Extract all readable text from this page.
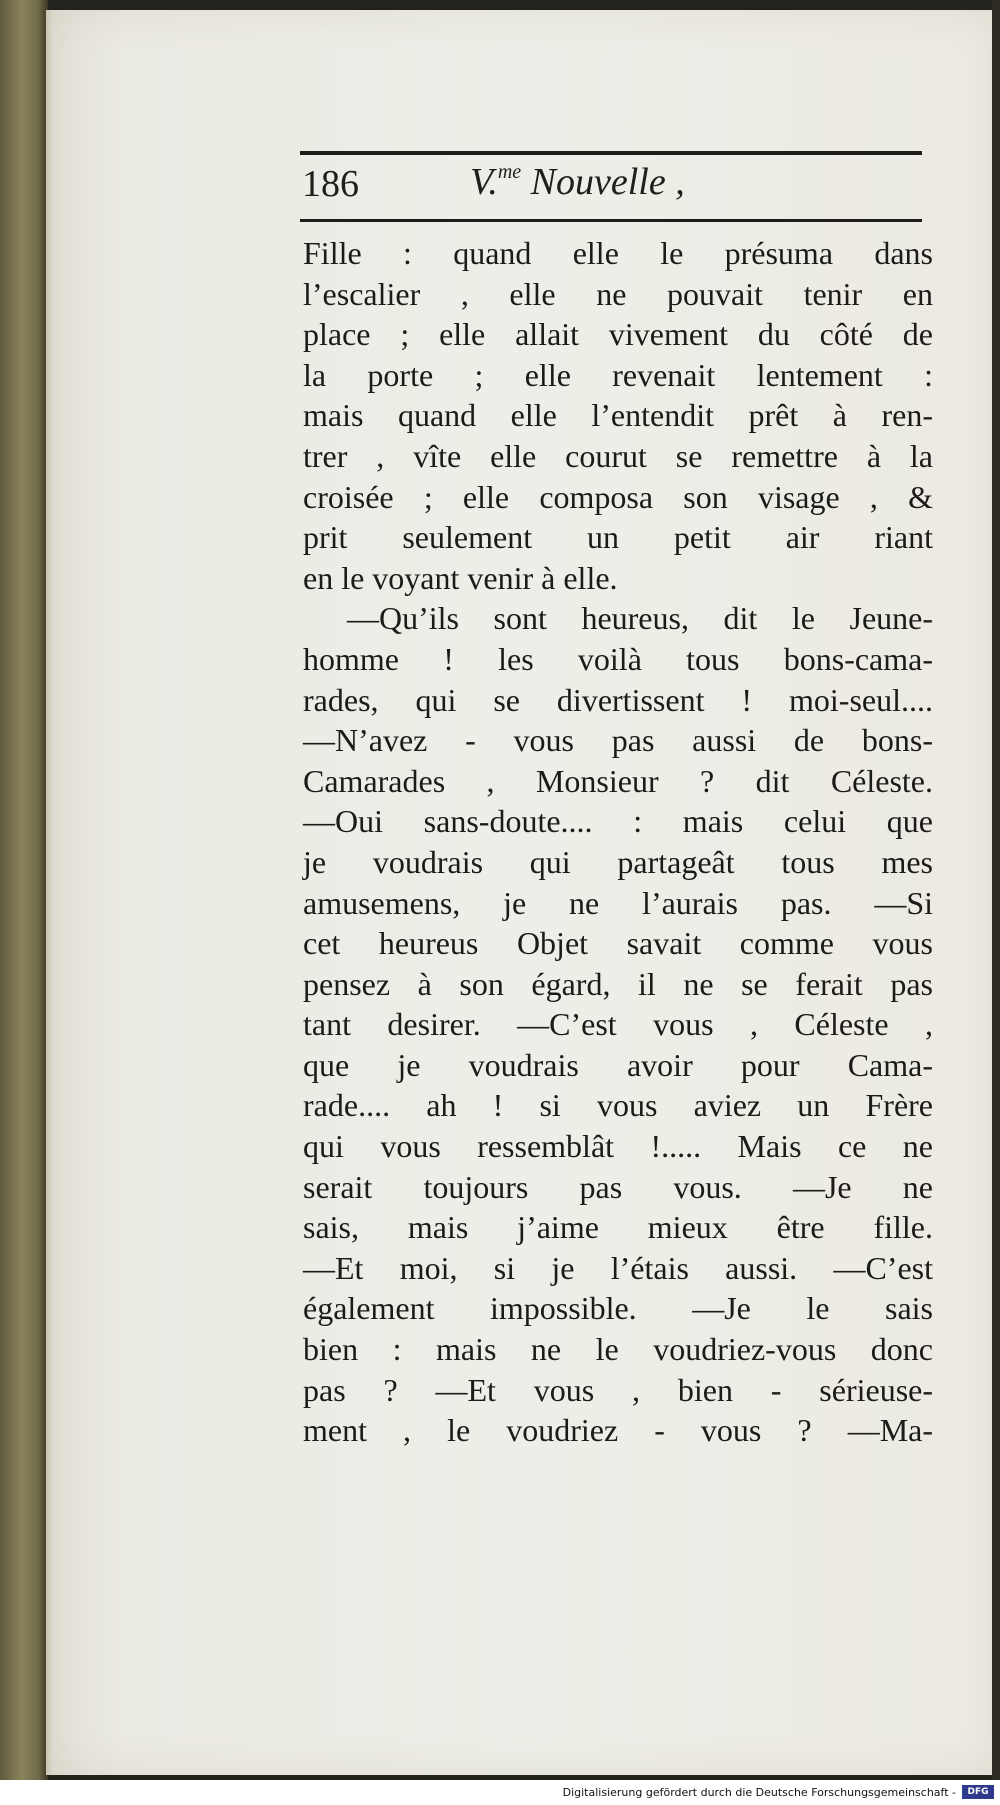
186	V.$^{me}$ Nouvelle ,
Fille : quand elle le présuma dans
l’escalier , elle ne pouvait tenir en
place ; elle allait vivement du côté de
la porte ; elle revenait lentement :
mais quand elle l’entendit prêt à ren-
trer , vîte elle courut se remettre à la
croisée ; elle composa son visage , &
prit seulement un petit air riant
en le voyant venir à elle.
—Qu’ils sont heureus, dit le Jeune-
homme ! les voilà tous bons-cama-
rades, qui se divertissent ! moi-seul....
—N’avez - vous pas aussi de bons-
Camarades , Monsieur ? dit Céleste.
—Oui sans-doute.... : mais celui que
je voudrais qui partageât tous mes
amusemens, je ne l’aurais pas. —Si
cet heureus Objet savait comme vous
pensez à son égard, il ne se ferait pas
tant desirer. —C’est vous , Céleste ,
que je voudrais avoir pour Cama-
rade.... ah ! si vous aviez un Frère
qui vous ressemblât !..... Mais ce ne
serait toujours pas vous. —Je ne
sais, mais j’aime mieux être fille.
—Et moi, si je l’étais aussi. —C’est
également impossible. —Je le sais
bien : mais ne le voudriez-vous donc
pas ? —Et vous , bien - sérieuse-
ment , le voudriez - vous ? —Ma-
Digitalisierung gefördert durch die Deutsche Forschungsgemeinschaft -	DFG
